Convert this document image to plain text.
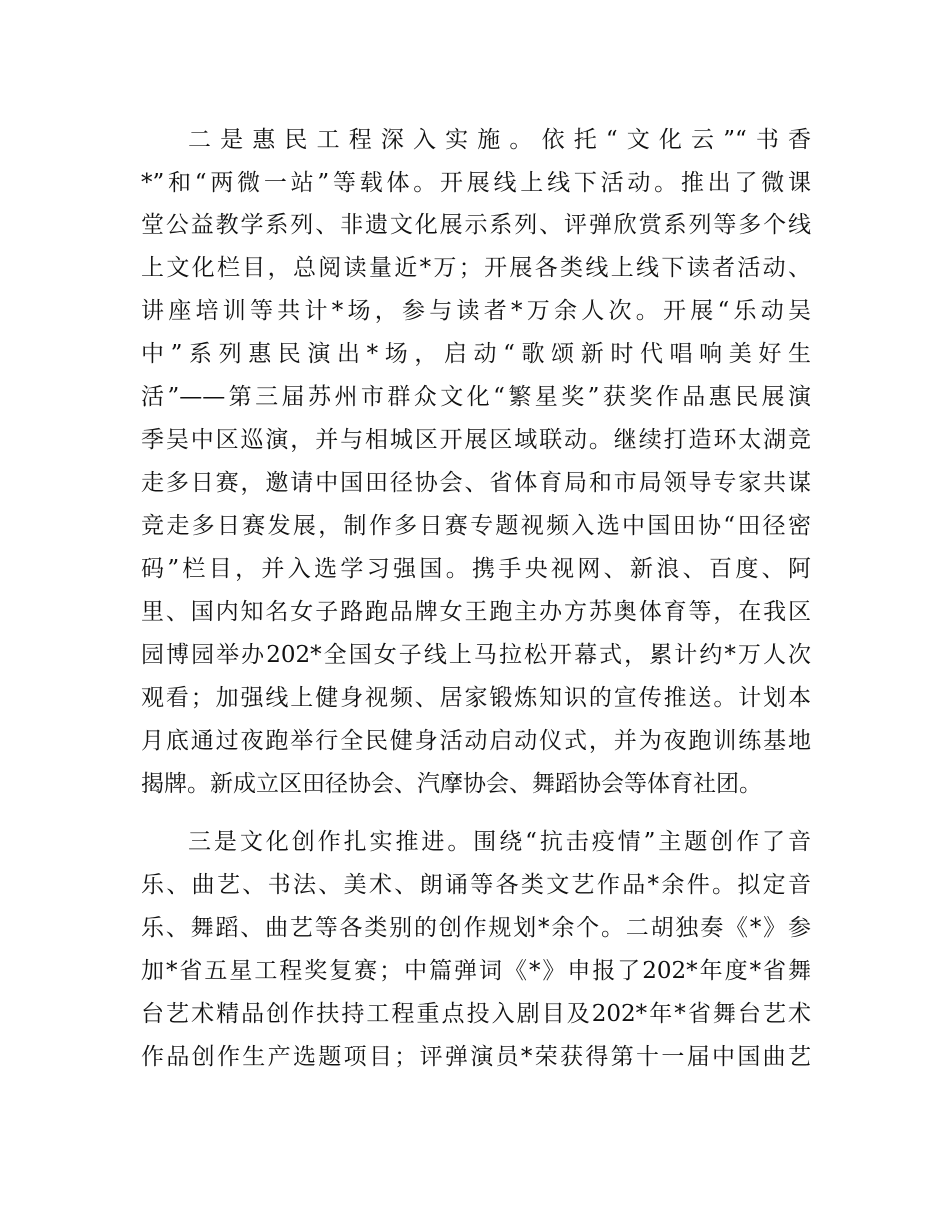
二是惠民工程深入实施。依托“文化云”“书香
*”和“两微一站”等载体。开展线上线下活动。推出了微课
堂公益教学系列、非遗文化展示系列、评弹欣赏系列等多个线
上文化栏目，总阅读量近*万；开展各类线上线下读者活动、
讲座培训等共计*场，参与读者*万余人次。开展“乐动吴
中”系列惠民演出*场，启动“歌颂新时代唱响美好生
活”——第三届苏州市群众文化“繁星奖”获奖作品惠民展演
季吴中区巡演，并与相城区开展区域联动。继续打造环太湖竞
走多日赛，邀请中国田径协会、省体育局和市局领导专家共谋
竞走多日赛发展，制作多日赛专题视频入选中国田协“田径密
码”栏目，并入选学习强国。携手央视网、新浪、百度、阿
里、国内知名女子路跑品牌女王跑主办方苏奥体育等，在我区
园博园举办202*全国女子线上马拉松开幕式，累计约*万人次
观看；加强线上健身视频、居家锻炼知识的宣传推送。计划本
月底通过夜跑举行全民健身活动启动仪式，并为夜跑训练基地
揭牌。新成立区田径协会、汽摩协会、舞蹈协会等体育社团。
三是文化创作扎实推进。围绕“抗击疫情”主题创作了音
乐、曲艺、书法、美术、朗诵等各类文艺作品*余件。拟定音
乐、舞蹈、曲艺等各类别的创作规划*余个。二胡独奏《*》参
加*省五星工程奖复赛；中篇弹词《*》申报了202*年度*省舞
台艺术精品创作扶持工程重点投入剧目及202*年*省舞台艺术
作品创作生产选题项目；评弹演员*荣获得第十一届中国曲艺
